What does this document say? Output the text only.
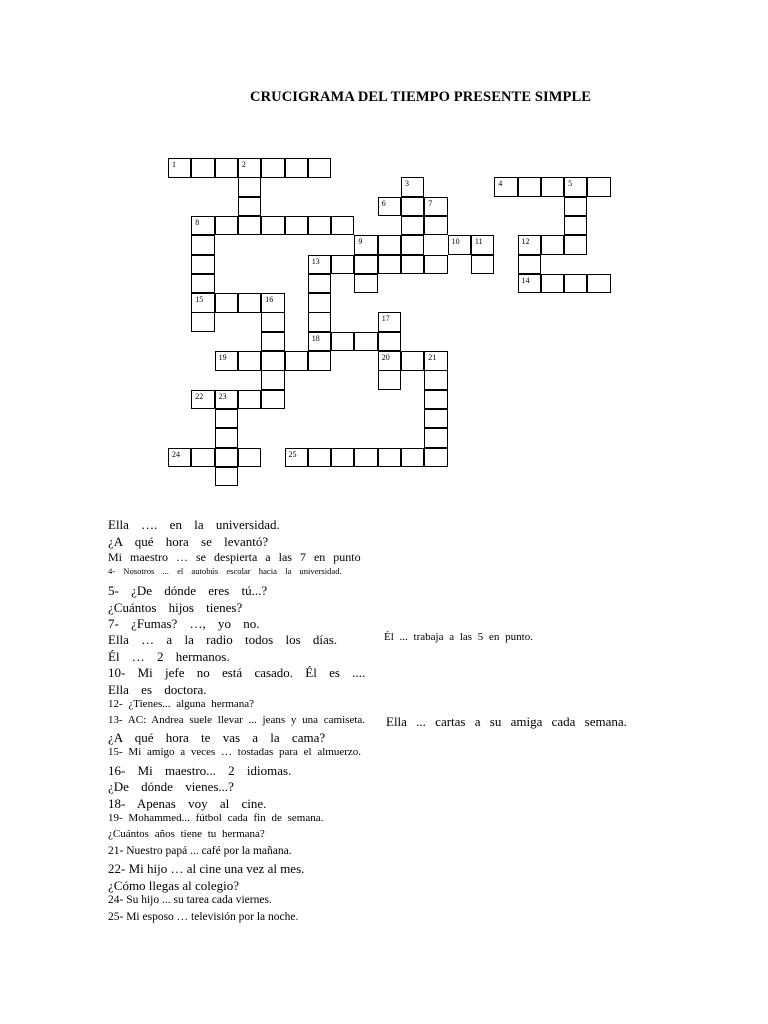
CRUCIGRAMA DEL TIEMPO PRESENTE SIMPLE
1	2
3	4	5
6	7
8
9	10 11	12
13
14
15	16
17
18
19	20	21
22 23
24	25
Ella …. en la universidad.
¿A qué hora se levantó?
Mi maestro … se despierta a las 7 en punto
4- Nosotros ... el autobús escolar hacia la universidad.
5- ¿De dónde eres tú...?
¿Cuántos hijos tienes?
7- ¿Fumas? …, yo no.
Ella … a la radio todos los días.
Él … 2 hermanos.
10- Mi jefe no está casado. Él es ....
Ella es doctora.
12- ¿Tienes... alguna hermana?
13- AC: Andrea suele llevar ... jeans y una camiseta.
¿A qué hora te vas a la cama?
15- Mi amigo a veces … tostadas para el almuerzo.
16- Mi maestro... 2 idiomas.
¿De dónde vienes...?
18- Apenas voy al cine.
19- Mohammed... fútbol cada fin de semana.
¿Cuántos años tiene tu hermana?
21- Nuestro papá ... café por la mañana.
22- Mi hijo … al cine una vez al mes.
¿Cómo llegas al colegio?
24- Su hijo ... su tarea cada viernes.
25- Mi esposo … televisión por la noche.
Él ... trabaja a las 5 en punto.
Ella ... cartas a su amiga cada semana.
